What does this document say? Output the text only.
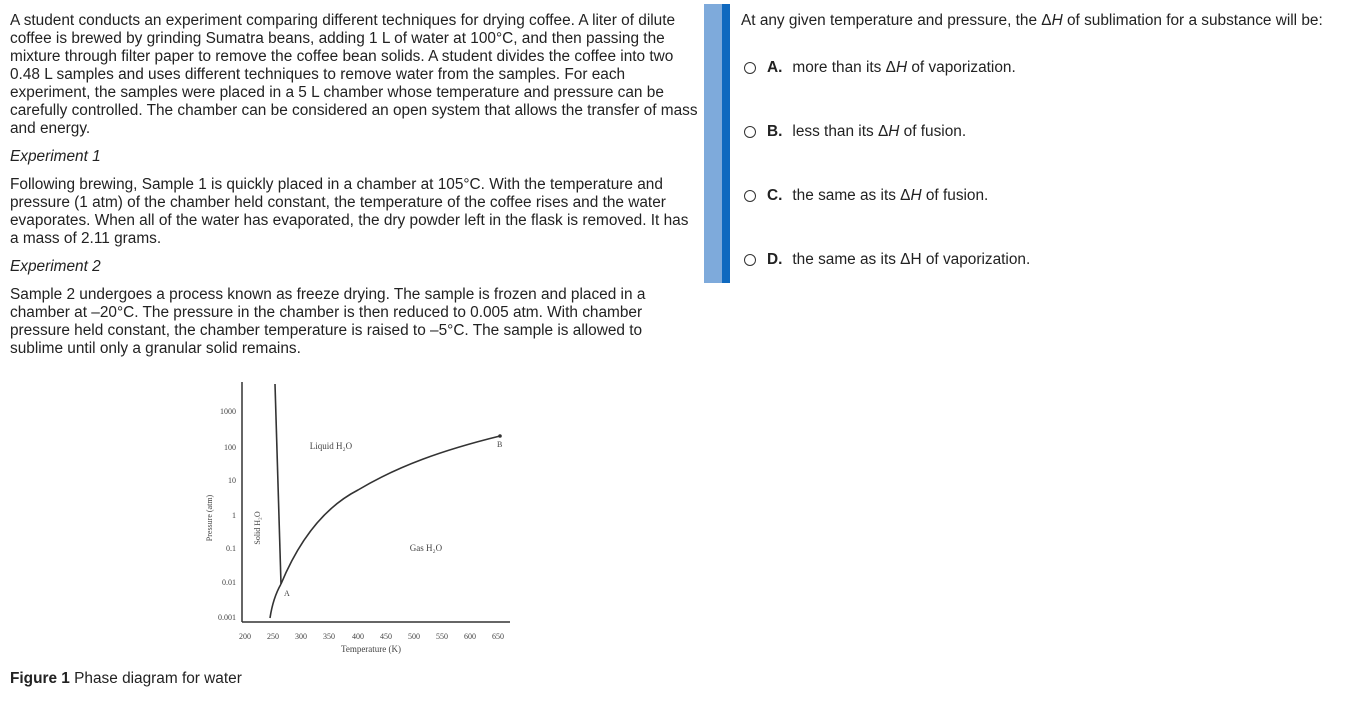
A student conducts an experiment comparing different techniques for drying coffee. A liter of dilute coffee is brewed by grinding Sumatra beans, adding 1 L of water at 100°C, and then passing the mixture through filter paper to remove the coffee bean solids. A student divides the coffee into two 0.48 L samples and uses different techniques to remove water from the samples. For each experiment, the samples were placed in a 5 L chamber whose temperature and pressure can be carefully controlled. The chamber can be considered an open system that allows the transfer of mass and energy.

Experiment 1

Following brewing, Sample 1 is quickly placed in a chamber at 105°C. With the temperature and pressure (1 atm) of the chamber held constant, the temperature of the coffee rises and the water evaporates. When all of the water has evaporated, the dry powder left in the flask is removed. It has a mass of 2.11 grams.

Experiment 2

Sample 2 undergoes a process known as freeze drying. The sample is frozen and placed in a chamber at –20°C. The pressure in the chamber is then reduced to 0.005 atm. With chamber pressure held constant, the chamber temperature is raised to –5°C. The sample is allowed to sublime until only a granular solid remains.

1000
100
10
1
0.1
0.01
0.001
Pressure (atm)
200 250 300 350 400 450 500 550 600 650
Temperature (K)
Solid H₂O
Liquid H₂O
Gas H₂O
A
B
Figure 1 Phase diagram for water
At any given temperature and pressure, the ΔH of sublimation for a substance will be:
A. more than its ΔH of vaporization.
B. less than its ΔH of fusion.
C. the same as its ΔH of fusion.
D. the same as its ΔH of vaporization.
